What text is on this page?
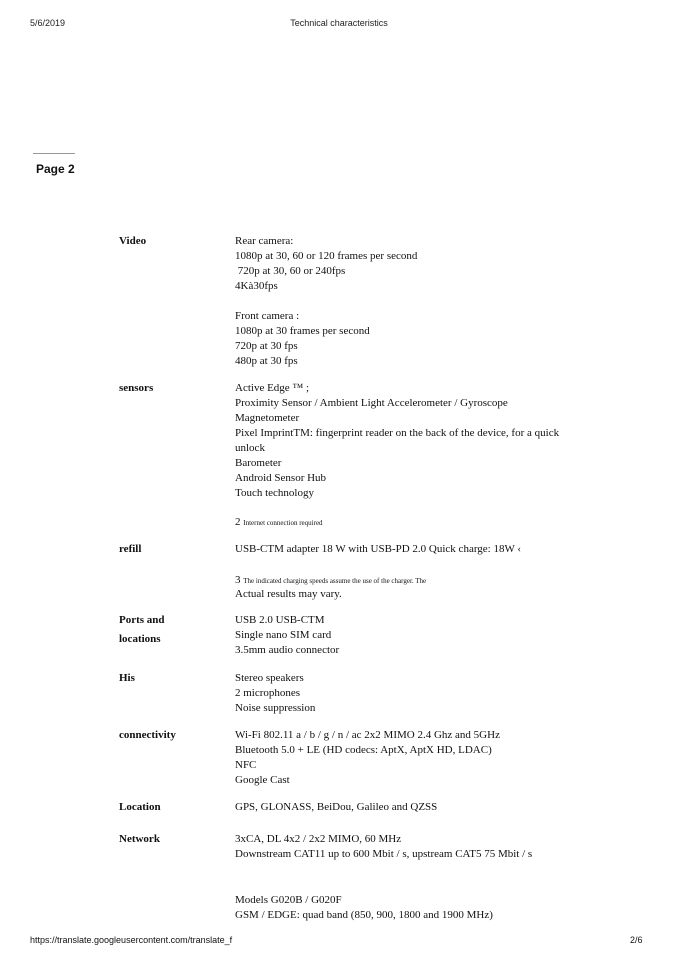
5/6/2019	Technical characteristics
Page 2
Video	Rear camera:
1080p at 30, 60 or 120 frames per second
720p at 30, 60 or 240fps
4Kà30fps
Front camera :
1080p at 30 frames per second
720p at 30 fps
480p at 30 fps
sensors	Active Edge ™ ;
Proximity Sensor / Ambient Light Accelerometer / Gyroscope
Magnetometer
Pixel ImprintTM: fingerprint reader on the back of the device, for a quick unlock
Barometer
Android Sensor Hub
Touch technology
2 Internet connection required
refill	USB-CTM adapter 18 W with USB-PD 2.0 Quick charge: 18W ‹
3 The indicated charging speeds assume the use of the charger. The
Actual results may vary.
Ports and
locations
USB 2.0 USB-CTM
Single nano SIM card
3.5mm audio connector
His	Stereo speakers
2 microphones
Noise suppression
connectivity	Wi-Fi 802.11 a / b / g / n / ac 2x2 MIMO 2.4 Ghz and 5GHz
Bluetooth 5.0 + LE (HD codecs: AptX, AptX HD, LDAC)
NFC
Google Cast
Location	GPS, GLONASS, BeiDou, Galileo and QZSS
Network	3xCA, DL 4x2 / 2x2 MIMO, 60 MHz
Downstream CAT11 up to 600 Mbit / s, upstream CAT5 75 Mbit / s
Models G020B / G020F
GSM / EDGE: quad band (850, 900, 1800 and 1900 MHz)
https://translate.googleusercontent.com/translate_f	2/6
